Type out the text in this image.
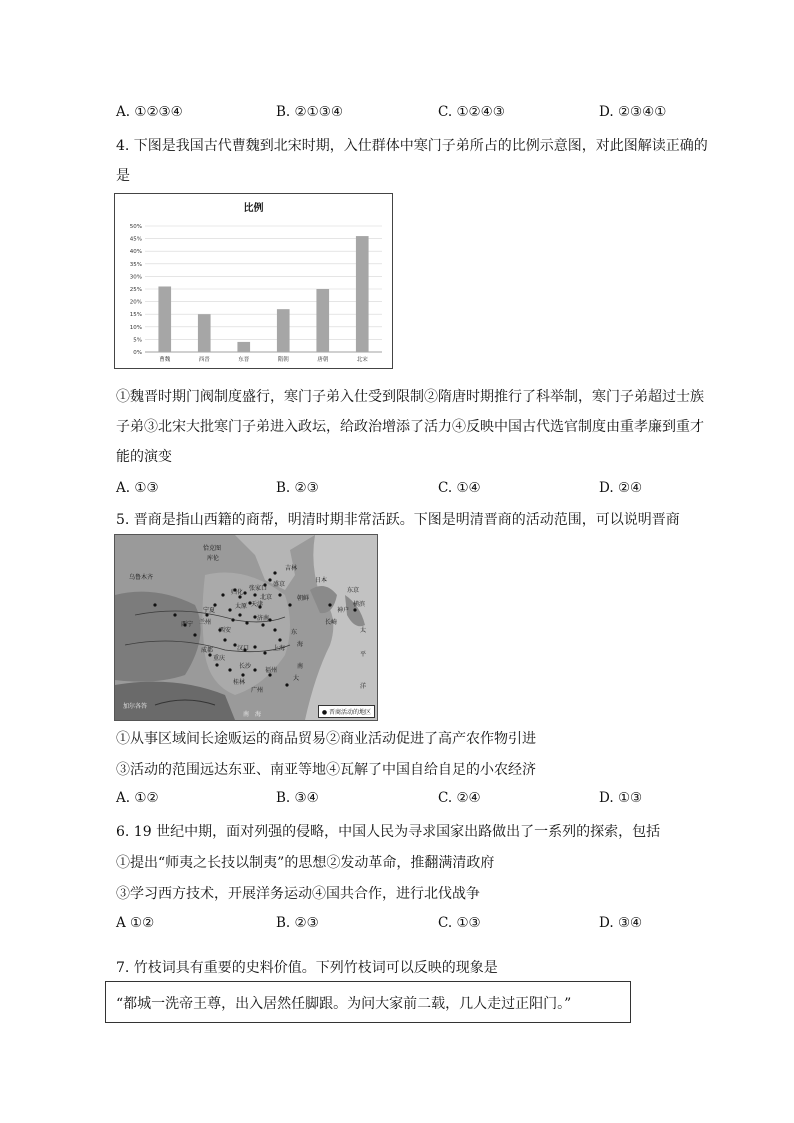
A. ①②③④	B. ②①③④	C. ①②④③	D. ②③④①
4. 下图是我国古代曹魏到北宋时期，入仕群体中寒门子弟所占的比例示意图，对此图解读正确的
是
比例
0%
5%
10%
15%
20%
25%
30%
35%
40%
45%
50%
曹魏	西晋	东晋	隋朝	唐朝	北宋
①魏晋时期门阀制度盛行，寒门子弟入仕受到限制②隋唐时期推行了科举制，寒门子弟超过士族
子弟③北宋大批寒门子弟进入政坛，给政治增添了活力④反映中国古代选官制度由重孝廉到重才
能的演变
A. ①③	B. ②③	C. ①④	D. ②④
5. 晋商是指山西籍的商帮，明清时期非常活跃。下图是明清晋商的活动范围，可以说明晋商
恰克图
库伦
乌鲁木齐
吉林
盛京
朝鲜
日本
东京
长崎
横滨
神户
归化
张家口
北京
天津
宁夏
太原
济南
兰州
西宁
西安
汉口	上海
成都
重庆
长沙
福州
桂林
广州
加尔各答
南 海
太
平
洋
东
海
大
南
● 晋商活动的地区
①从事区域间长途贩运的商品贸易②商业活动促进了高产农作物引进
③活动的范围远达东亚、南亚等地④瓦解了中国自给自足的小农经济
A. ①②	B. ③④	C. ②④	D. ①③
6. 19 世纪中期，面对列强的侵略，中国人民为寻求国家出路做出了一系列的探索，包括
①提出“师夷之长技以制夷”的思想②发动革命，推翻满清政府
③学习西方技术，开展洋务运动④国共合作，进行北伐战争
A ①②	B. ②③	C. ①③	D. ③④
7. 竹枝词具有重要的史料价值。下列竹枝词可以反映的现象是
“都城一洗帝王尊，出入居然任脚跟。为问大家前二载，几人走过正阳门。”
